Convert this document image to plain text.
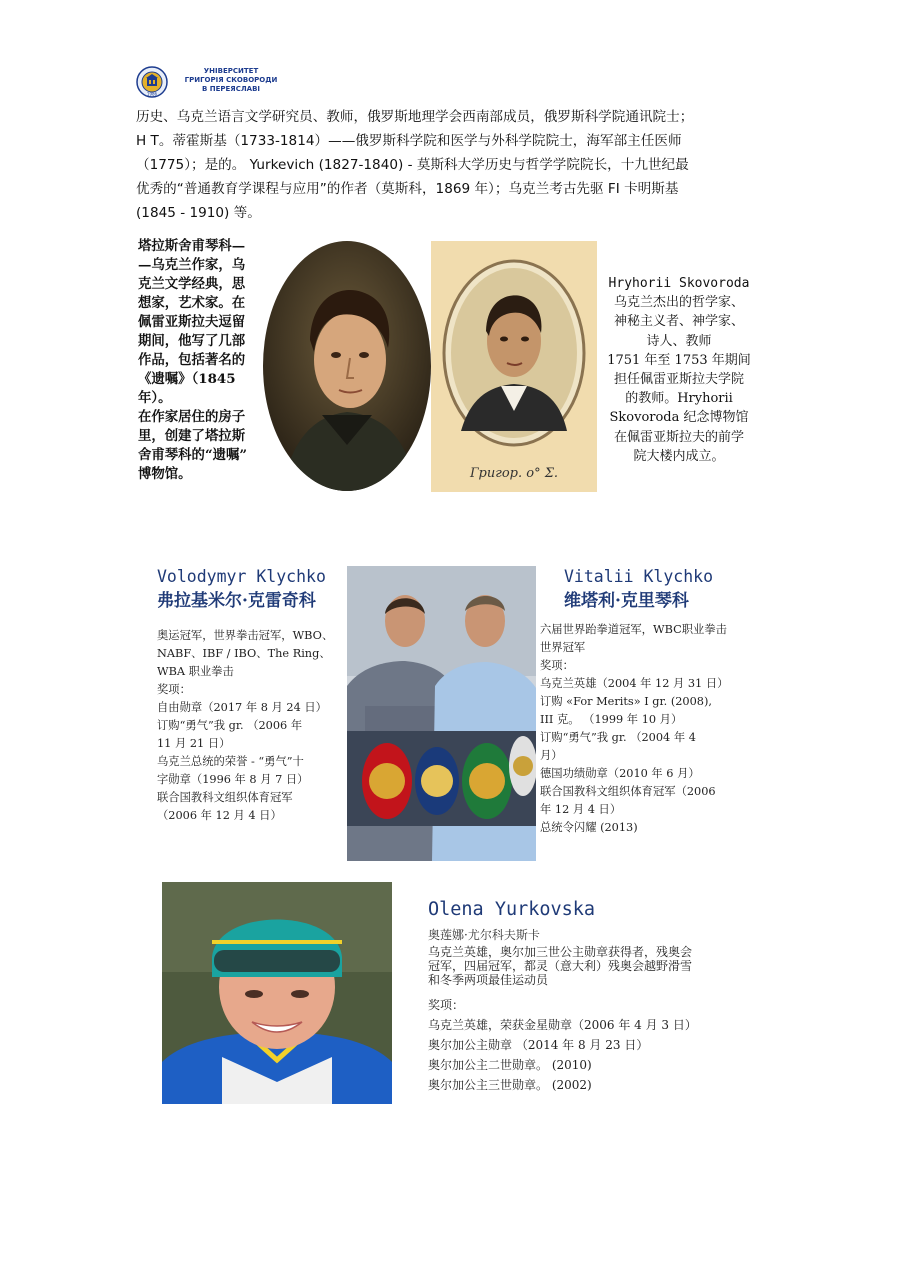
1986
УНІВЕРСИТЕТ
ГРИГОРІЯ СКОВОРОДИ
В ПЕРЕЯСЛАВІ

历史、乌克兰语言文学研究员、教师，俄罗斯地理学会西南部成员，俄罗斯科学院通讯院士；

H T。蒂霍斯基（1733-1814）——俄罗斯科学院和医学与外科学院院士，海军部主任医师

（1775）；是的。 Yurkevich (1827-1840) - 莫斯科大学历史与哲学学院院长，十九世纪最

优秀的“普通教育学课程与应用”的作者（莫斯科，1869 年）；乌克兰考古先驱 FI 卡明斯基

(1845 - 1910) 等。

塔拉斯舍甫琴科—
—乌克兰作家，乌
克兰文学经典，思
想家，艺术家。在
佩雷亚斯拉夫逗留
期间，他写了几部
作品，包括著名的
《遗嘱》（1845
年）。
在作家居住的房子
里，创建了塔拉斯
舍甫琴科的“遗嘱”
博物馆。	Григор. о° Σ.
Hryhorii Skovoroda
乌克兰杰出的哲学家、
神秘主义者、神学家、
诗人、教师
1751 年至 1753 年期间
担任佩雷亚斯拉夫学院
的教师。Hryhorii
Skovoroda 纪念博物馆
在佩雷亚斯拉夫的前学
院大楼内成立。
Volodymyr Klychko
弗拉基米尔·克雷奇科
奥运冠军，世界拳击冠军，WBO、
NABF、IBF / IBO、The Ring、
WBA 职业拳击
奖项：
自由勋章（2017 年 8 月 24 日）
订购“勇气”我 gr. （2006 年
11 月 21 日）
乌克兰总统的荣誉 - “勇气”十
字勋章（1996 年 8 月 7 日）
联合国教科文组织体育冠军
（2006 年 12 月 4 日）
Vitalii Klychko
维塔利·克里琴科
六届世界跆拳道冠军，WBC职业拳击
世界冠军
奖项：
乌克兰英雄（2004 年 12 月 31 日）
订购 «For Merits» I gr. (2008),
III 克。 （1999 年 10 月）
订购“勇气”我 gr. （2004 年 4
月）
德国功绩勋章（2010 年 6 月）
联合国教科文组织体育冠军（2006
年 12 月 4 日）
总统令闪耀 (2013)
Olena Yurkovska
奥莲娜·尤尔科夫斯卡
乌克兰英雄，奥尔加三世公主勋章获得者，残奥会
冠军，四届冠军，都灵（意大利）残奥会越野滑雪
和冬季两项最佳运动员
奖项：
乌克兰英雄，荣获金星勋章（2006 年 4 月 3 日）
奥尔加公主勋章 （2014 年 8 月 23 日）
奥尔加公主二世勋章。 (2010)
奥尔加公主三世勋章。 (2002)
